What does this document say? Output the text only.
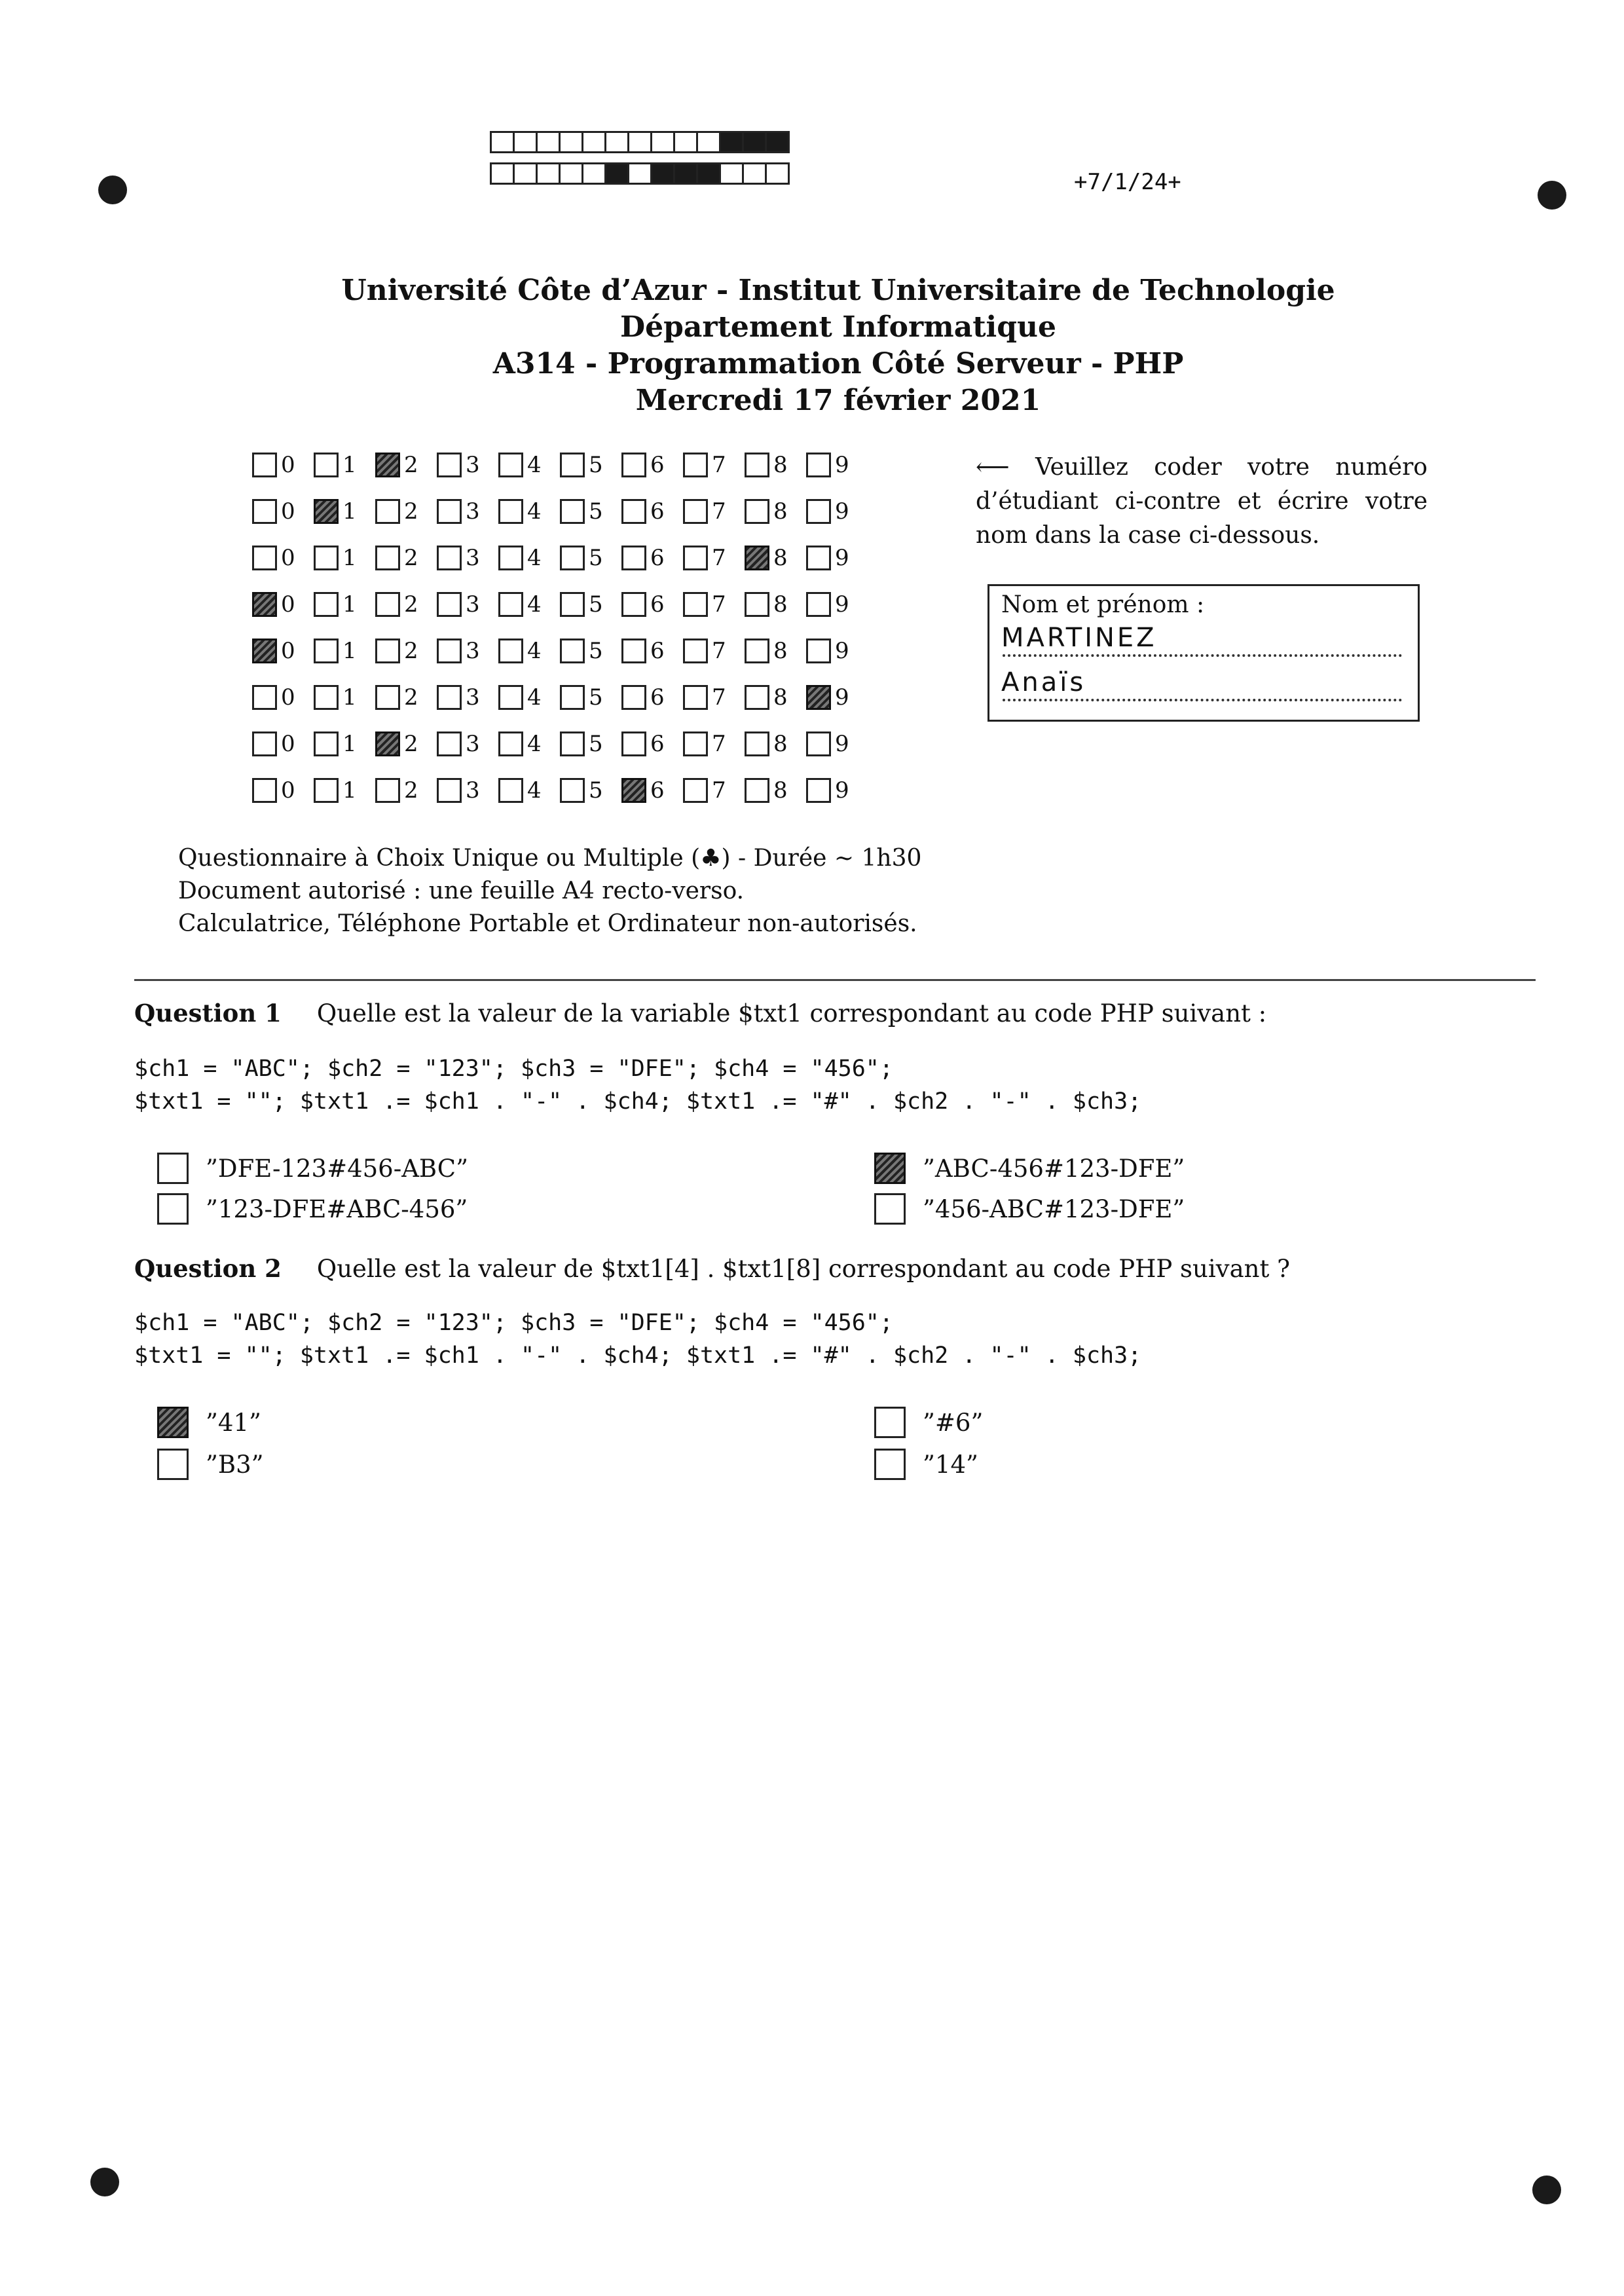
+7/1/24+
Université Côte d’Azur - Institut Universitaire de Technologie
Département Informatique
A314 - Programmation Côté Serveur - PHP
Mercredi 17 février 2021
0 1 2 3 4 5 6 7 8 9
0 1 2 3 4 5 6 7 8 9
0 1 2 3 4 5 6 7 8 9
0 1 2 3 4 5 6 7 8 9
0 1 2 3 4 5 6 7 8 9
0 1 2 3 4 5 6 7 8 9
0 1 2 3 4 5 6 7 8 9
0 1 2 3 4 5 6 7 8 9
⟵ Veuillez coder votre numéro d’étudiant ci-contre et écrire votre nom dans la case ci-dessous.
Nom et prénom :
MARTINEZ
Anaïs
Questionnaire à Choix Unique ou Multiple (♣) - Durée ∼ 1h30
Document autorisé : une feuille A4 recto-verso.
Calculatrice, Téléphone Portable et Ordinateur non-autorisés.
Question 1 Quelle est la valeur de la variable $txt1 correspondant au code PHP suivant :
$ch1 = "ABC"; $ch2 = "123"; $ch3 = "DFE"; $ch4 = "456";
$txt1 = ""; $txt1 .= $ch1 . "-" . $ch4; $txt1 .= "#" . $ch2 . "-" . $ch3;
”DFE-123#456-ABC”	”ABC-456#123-DFE”
”123-DFE#ABC-456”	”456-ABC#123-DFE”
Question 2 Quelle est la valeur de $txt1[4] . $txt1[8] correspondant au code PHP suivant ?
$ch1 = "ABC"; $ch2 = "123"; $ch3 = "DFE"; $ch4 = "456";
$txt1 = ""; $txt1 .= $ch1 . "-" . $ch4; $txt1 .= "#" . $ch2 . "-" . $ch3;
”41”	”#6”
”B3”	”14”
